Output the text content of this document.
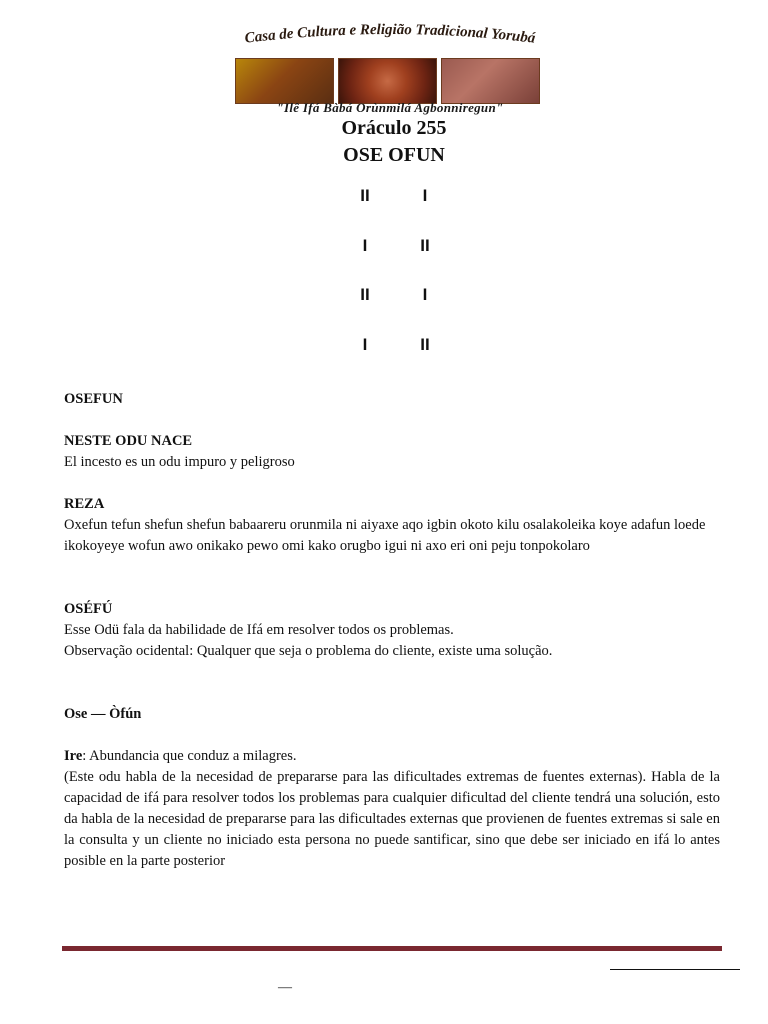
Casa de Cultura e Religião Tradicional Yorubá
"Ilê Ifá Bàbá Orùnmilá Agbonniregun"
Oráculo 255
OSE OFUN
II	I
I	II
II	I
I	II

OSEFUN

NESTE ODU NACE

El incesto es un odu impuro y peligroso

REZA

Oxefun tefun shefun shefun babaareru orunmila ni aiyaxe aqo igbin okoto kilu osalakoleika koye adafun loede ikokoyeye wofun awo onikako pewo omi kako orugbo igui ni axo eri oni peju tonpokolaro

OSÉFÚ

Esse Odü fala da habilidade de Ifá em resolver todos os problemas.

Observação ocidental: Qualquer que seja o problema do cliente, existe uma solução.

Ose — Òfún

Ire: Abundancia que conduz a milagres.

(Este odu habla de la necesidad de prepararse para las dificultades extremas de fuentes externas). Habla de la capacidad de ifá para resolver todos los problemas para cualquier dificultad del cliente tendrá una solución, esto da habla de la necesidad de prepararse para las dificultades externas que provienen de fuentes extremas si sale en la consulta y un cliente no iniciado esta persona no puede santificar, sino que debe ser iniciado en ifá lo antes posible en la parte posterior

—
